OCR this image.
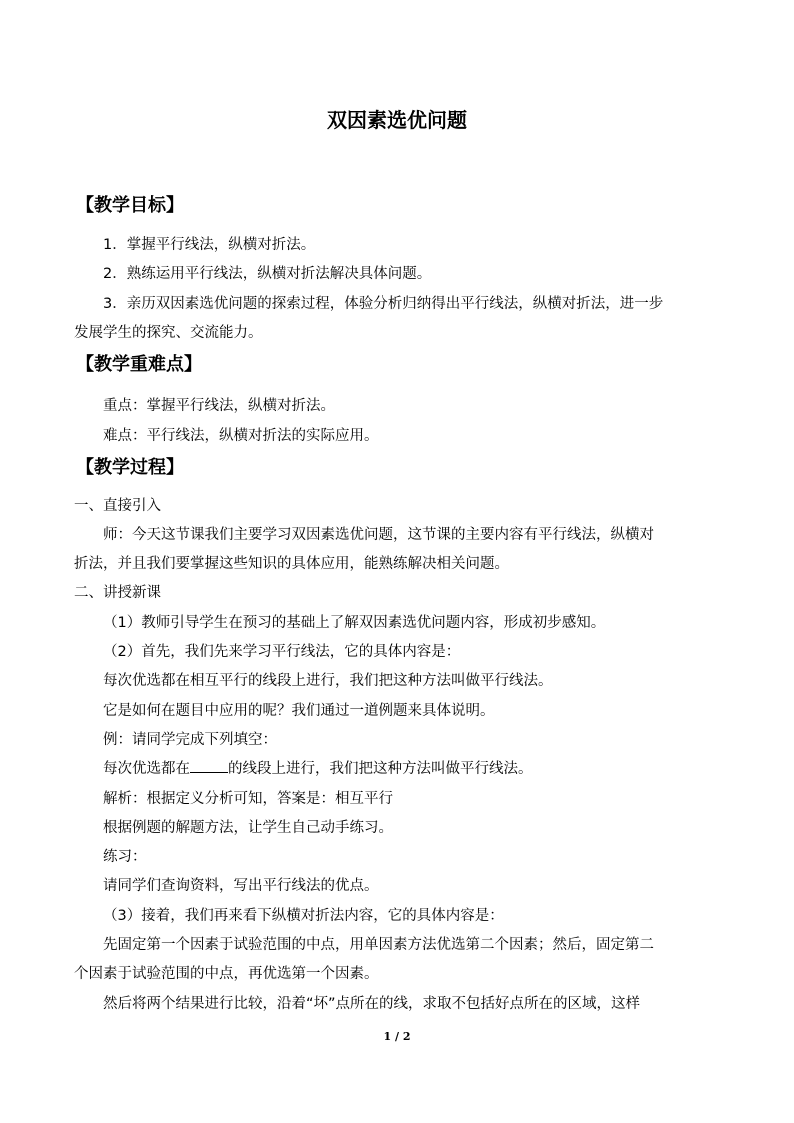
双因素选优问题
【教学目标】
1．掌握平行线法，纵横对折法。
2．熟练运用平行线法，纵横对折法解决具体问题。
3．亲历双因素选优问题的探索过程，体验分析归纳得出平行线法，纵横对折法，进一步
发展学生的探究、交流能力。
【教学重难点】
重点：掌握平行线法，纵横对折法。
难点：平行线法，纵横对折法的实际应用。
【教学过程】
一、直接引入
师：今天这节课我们主要学习双因素选优问题，这节课的主要内容有平行线法，纵横对
折法，并且我们要掌握这些知识的具体应用，能熟练解决相关问题。
二、讲授新课
（1）教师引导学生在预习的基础上了解双因素选优问题内容，形成初步感知。
（2）首先，我们先来学习平行线法，它的具体内容是：
每次优选都在相互平行的线段上进行，我们把这种方法叫做平行线法。
它是如何在题目中应用的呢？我们通过一道例题来具体说明。
例：请同学完成下列填空：
每次优选都在	的线段上进行，我们把这种方法叫做平行线法。
解析：根据定义分析可知，答案是：相互平行
根据例题的解题方法，让学生自己动手练习。
练习：
请同学们查询资料，写出平行线法的优点。
（3）接着，我们再来看下纵横对折法内容，它的具体内容是：
先固定第一个因素于试验范围的中点，用单因素方法优选第二个因素；然后，固定第二
个因素于试验范围的中点，再优选第一个因素。
然后将两个结果进行比较，沿着“坏”点所在的线，求取不包括好点所在的区域，这样
1 / 2
